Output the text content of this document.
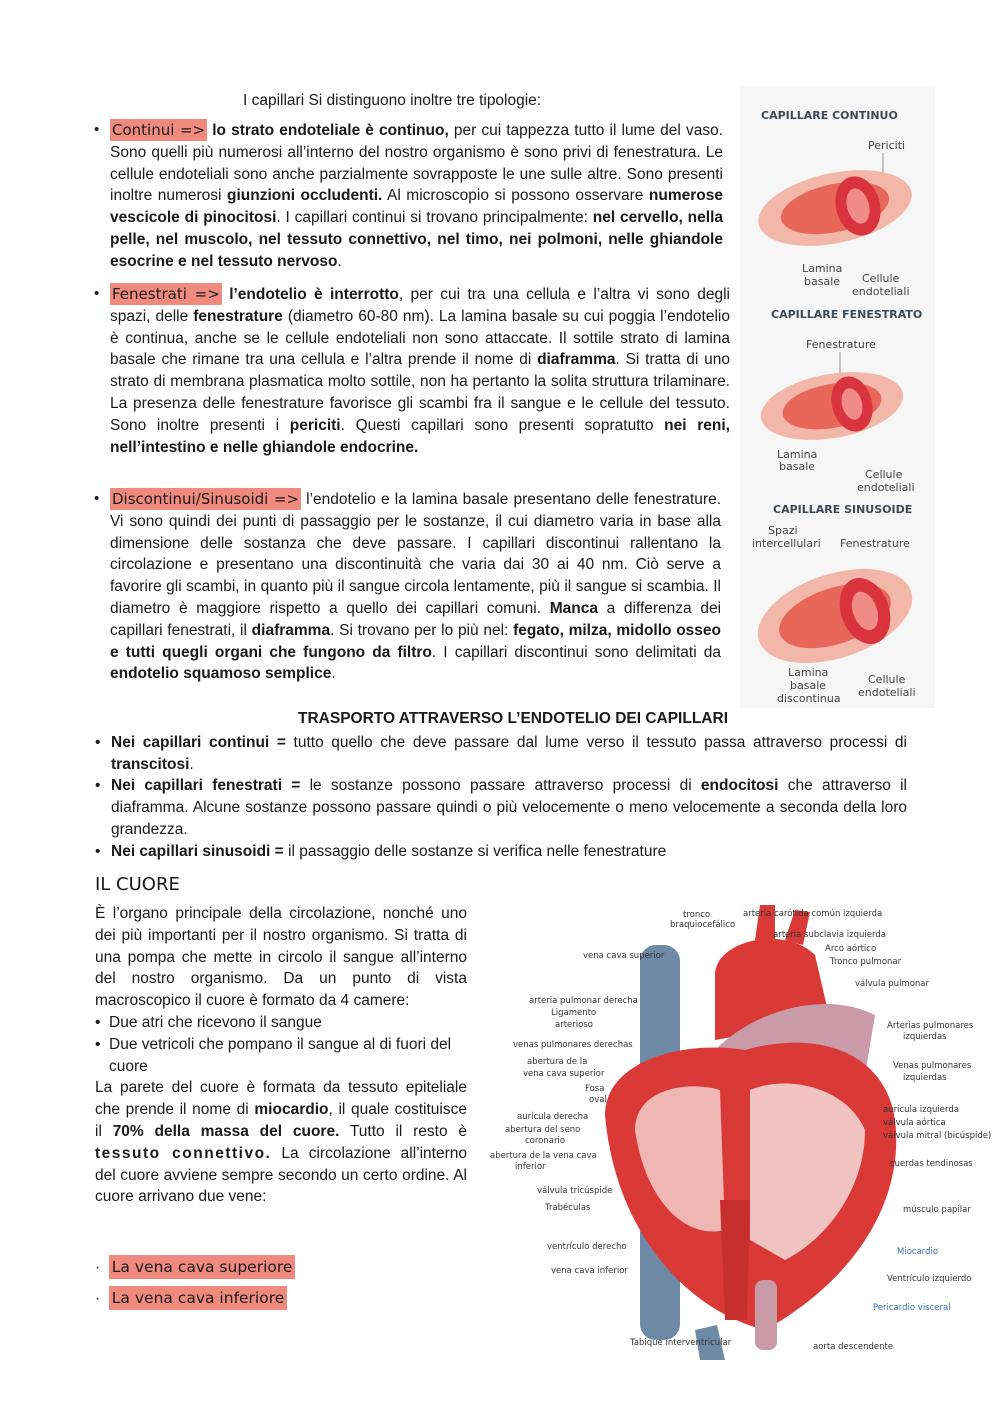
I capillari Si distinguono inoltre tre tipologie:
• Continui => lo strato endoteliale è continuo, per cui tappezza tutto il lume del vaso. Sono quelli più numerosi all’interno del nostro organismo è sono privi di fenestratura. Le cellule endoteliali sono anche parzialmente sovrapposte le une sulle altre. Sono presenti inoltre numerosi giunzioni occludenti. Al microscopio si possono osservare numerose vescicole di pinocitosi. I capillari continui si trovano principalmente: nel cervello, nella pelle, nel muscolo, nel tessuto connettivo, nel timo, nei polmoni, nelle ghiandole esocrine e nel tessuto nervoso.
• Fenestrati => l’endotelio è interrotto, per cui tra una cellula e l’altra vi sono degli spazi, delle fenestrature (diametro 60-80 nm). La lamina basale su cui poggia l’endotelio è continua, anche se le cellule endoteliali non sono attaccate. Il sottile strato di lamina basale che rimane tra una cellula e l’altra prende il nome di diaframma. Si tratta di uno strato di membrana plasmatica molto sottile, non ha pertanto la solita struttura trilaminare. La presenza delle fenestrature favorisce gli scambi fra il sangue e le cellule del tessuto. Sono inoltre presenti i periciti. Questi capillari sono presenti sopratutto nei reni, nell’intestino e nelle ghiandole endocrine.
• Discontinui/Sinusoidi => l’endotelio e la lamina basale presentano delle fenestrature. Vi sono quindi dei punti di passaggio per le sostanze, il cui diametro varia in base alla dimensione delle sostanza che deve passare. I capillari discontinui rallentano la circolazione e presentano una discontinuità che varia dai 30 ai 40 nm. Ciò serve a favorire gli scambi, in quanto più il sangue circola lentamente, più il sangue si scambia. Il diametro è maggiore rispetto a quello dei capillari comuni. Manca a differenza dei capillari fenestrati, il diaframma. Si trovano per lo più nel: fegato, milza, midollo osseo e tutti quegli organi che fungono da filtro. I capillari discontinui sono delimitati da endotelio squamoso semplice.
TRASPORTO ATTRAVERSO L’ENDOTELIO DEI CAPILLARI
• Nei capillari continui = tutto quello che deve passare dal lume verso il tessuto passa attraverso processi di transcitosi.
• Nei capillari fenestrati = le sostanze possono passare attraverso processi di endocitosi che attraverso il diaframma. Alcune sostanze possono passare quindi o più velocemente o meno velocemente a seconda della loro grandezza.
• Nei capillari sinusoidi = il passaggio delle sostanze si verifica nelle fenestrature
IL CUORE
È l’organo principale della circolazione, nonché uno dei più importanti per il nostro organismo. Si tratta di una pompa che mette in circolo il sangue all’interno del nostro organismo. Da un punto di vista macroscopico il cuore è formato da 4 camere:
• Due atri che ricevono il sangue
• Due vetricoli che pompano il sangue al di fuori del cuore
La parete del cuore è formata da tessuto epiteliale che prende il nome di miocardio, il quale costituisce il 70% della massa del cuore. Tutto il resto è tessuto connettivo. La circolazione all’interno del cuore avviene sempre secondo un certo ordine. Al cuore arrivano due vene:
· La vena cava superiore
· La vena cava inferiore
CAPILLARE CONTINUO
Periciti
Lamina
basale Cellule
endoteliali
CAPILLARE FENESTRATO
Fenestrature
Lamina
basale
Cellule
endoteliali
CAPILLARE SINUSOIDE
Spazi
intercellulari Fenestrature
Lamina
basale
discontinua
Cellule
endoteliali
tronco
braquiocefálico
arteria carótida común izquierda
arteria subclavia izquierda
Arco aórtico
Tronco pulmonar
válvula pulmonar
vena cava superior
arteria pulmonar derecha
Ligamento
arterioso
venas pulmonares derechas
abertura de la
vena cava superior
Fosa
oval
aurícula derecha
abertura del seno
coronario
abertura de la vena cava
inferior
válvula tricúspide
Trabéculas
ventrículo derecho
vena cava inferior
Arterias pulmonares
izquierdas
Venas pulmonares
izquierdas
aurícula izquierda
válvula aórtica
válvula mitral (bicúspide)
cuerdas tendinosas
músculo papilar
Miocardio
Ventrículo izquierdo
Pericardio visceral
Tabique interventricular	aorta descendente
